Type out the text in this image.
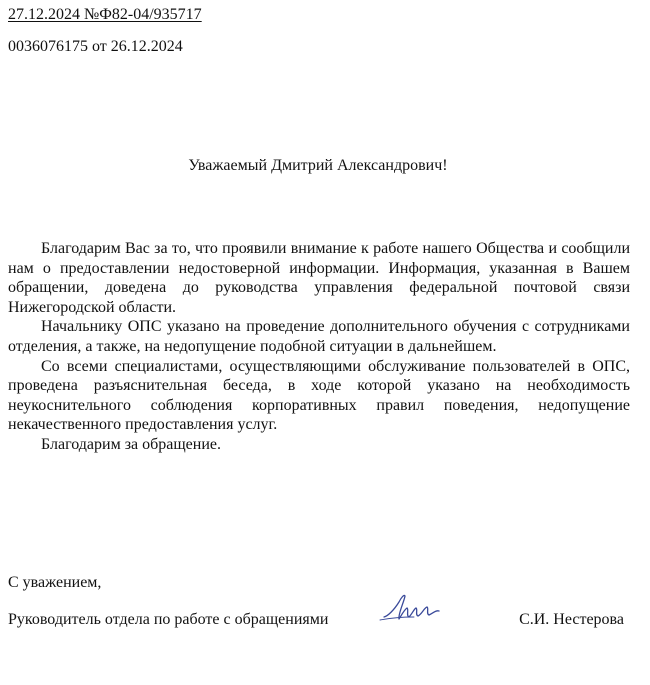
27.12.2024 №Ф82-04/935717
0036076175 от 26.12.2024
Уважаемый Дмитрий Александрович!

Благодарим Вас за то, что проявили внимание к работе нашего Общества и сообщили нам о предоставлении недостоверной информации. Информация, указанная в Вашем обращении, доведена до руководства управления федеральной почтовой связи Нижегородской области.

Начальнику ОПС указано на проведение дополнительного обучения с сотрудниками отделения, а также, на недопущение подобной ситуации в дальнейшем.

Со всеми специалистами, осуществляющими обслуживание пользователей в ОПС, проведена разъяснительная беседа, в ходе которой указано на необходимость неукоснительного соблюдения корпоративных правил поведения, недопущение некачественного предоставления услуг.

Благодарим за обращение.

С уважением,
Руководитель отдела по работе с обращениями	С.И. Нестерова
